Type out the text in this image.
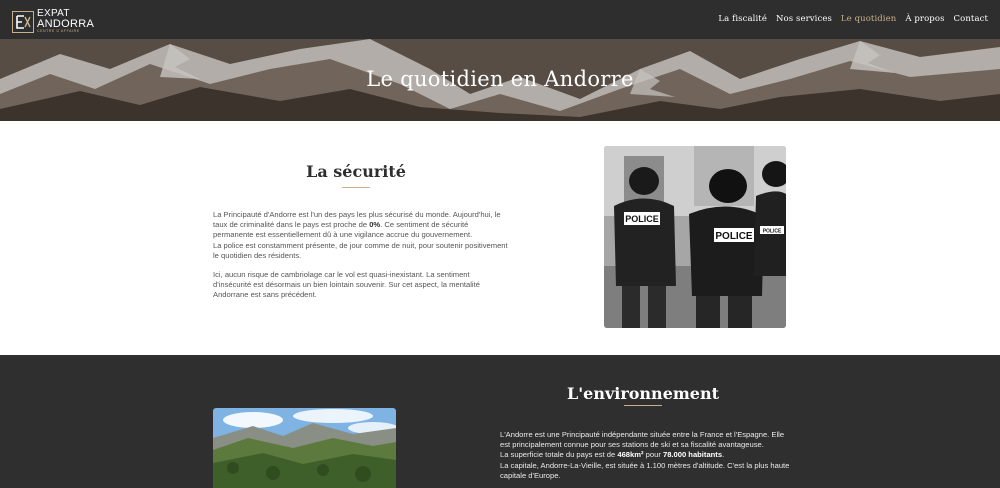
EXPAT
ANDORRA
CENTRE D'AFFAIRE
La fiscalité Nos services Le quotidien À propos Contact
Le quotidien en Andorre
La sécurité

La Principauté d'Andorre est l'un des pays les plus sécurisé du monde. Aujourd'hui, le taux de criminalité dans le pays est proche de 0%. Ce sentiment de sécurité permanente est essentiellement dû à une vigilance accrue du gouvernement.
La police est constamment présente, de jour comme de nuit, pour soutenir positivement le quotidien des résidents.

Ici, aucun risque de cambriolage car le vol est quasi-inexistant. La sentiment d'insécurité est désormais un bien lointain souvenir. Sur cet aspect, la mentalité Andorrane est sans précédent.

POLICE
POLICE POLICE
L'environnement
L'Andorre est une Principauté indépendante située entre la France et l'Espagne. Elle est principalement connue pour ses stations de ski et sa fiscalité avantageuse.
La superficie totale du pays est de 468km² pour 78.000 habitants.
La capitale, Andorre-La-Vieille, est située à 1.100 mètres d'altitude. C'est la plus haute capitale d'Europe.
